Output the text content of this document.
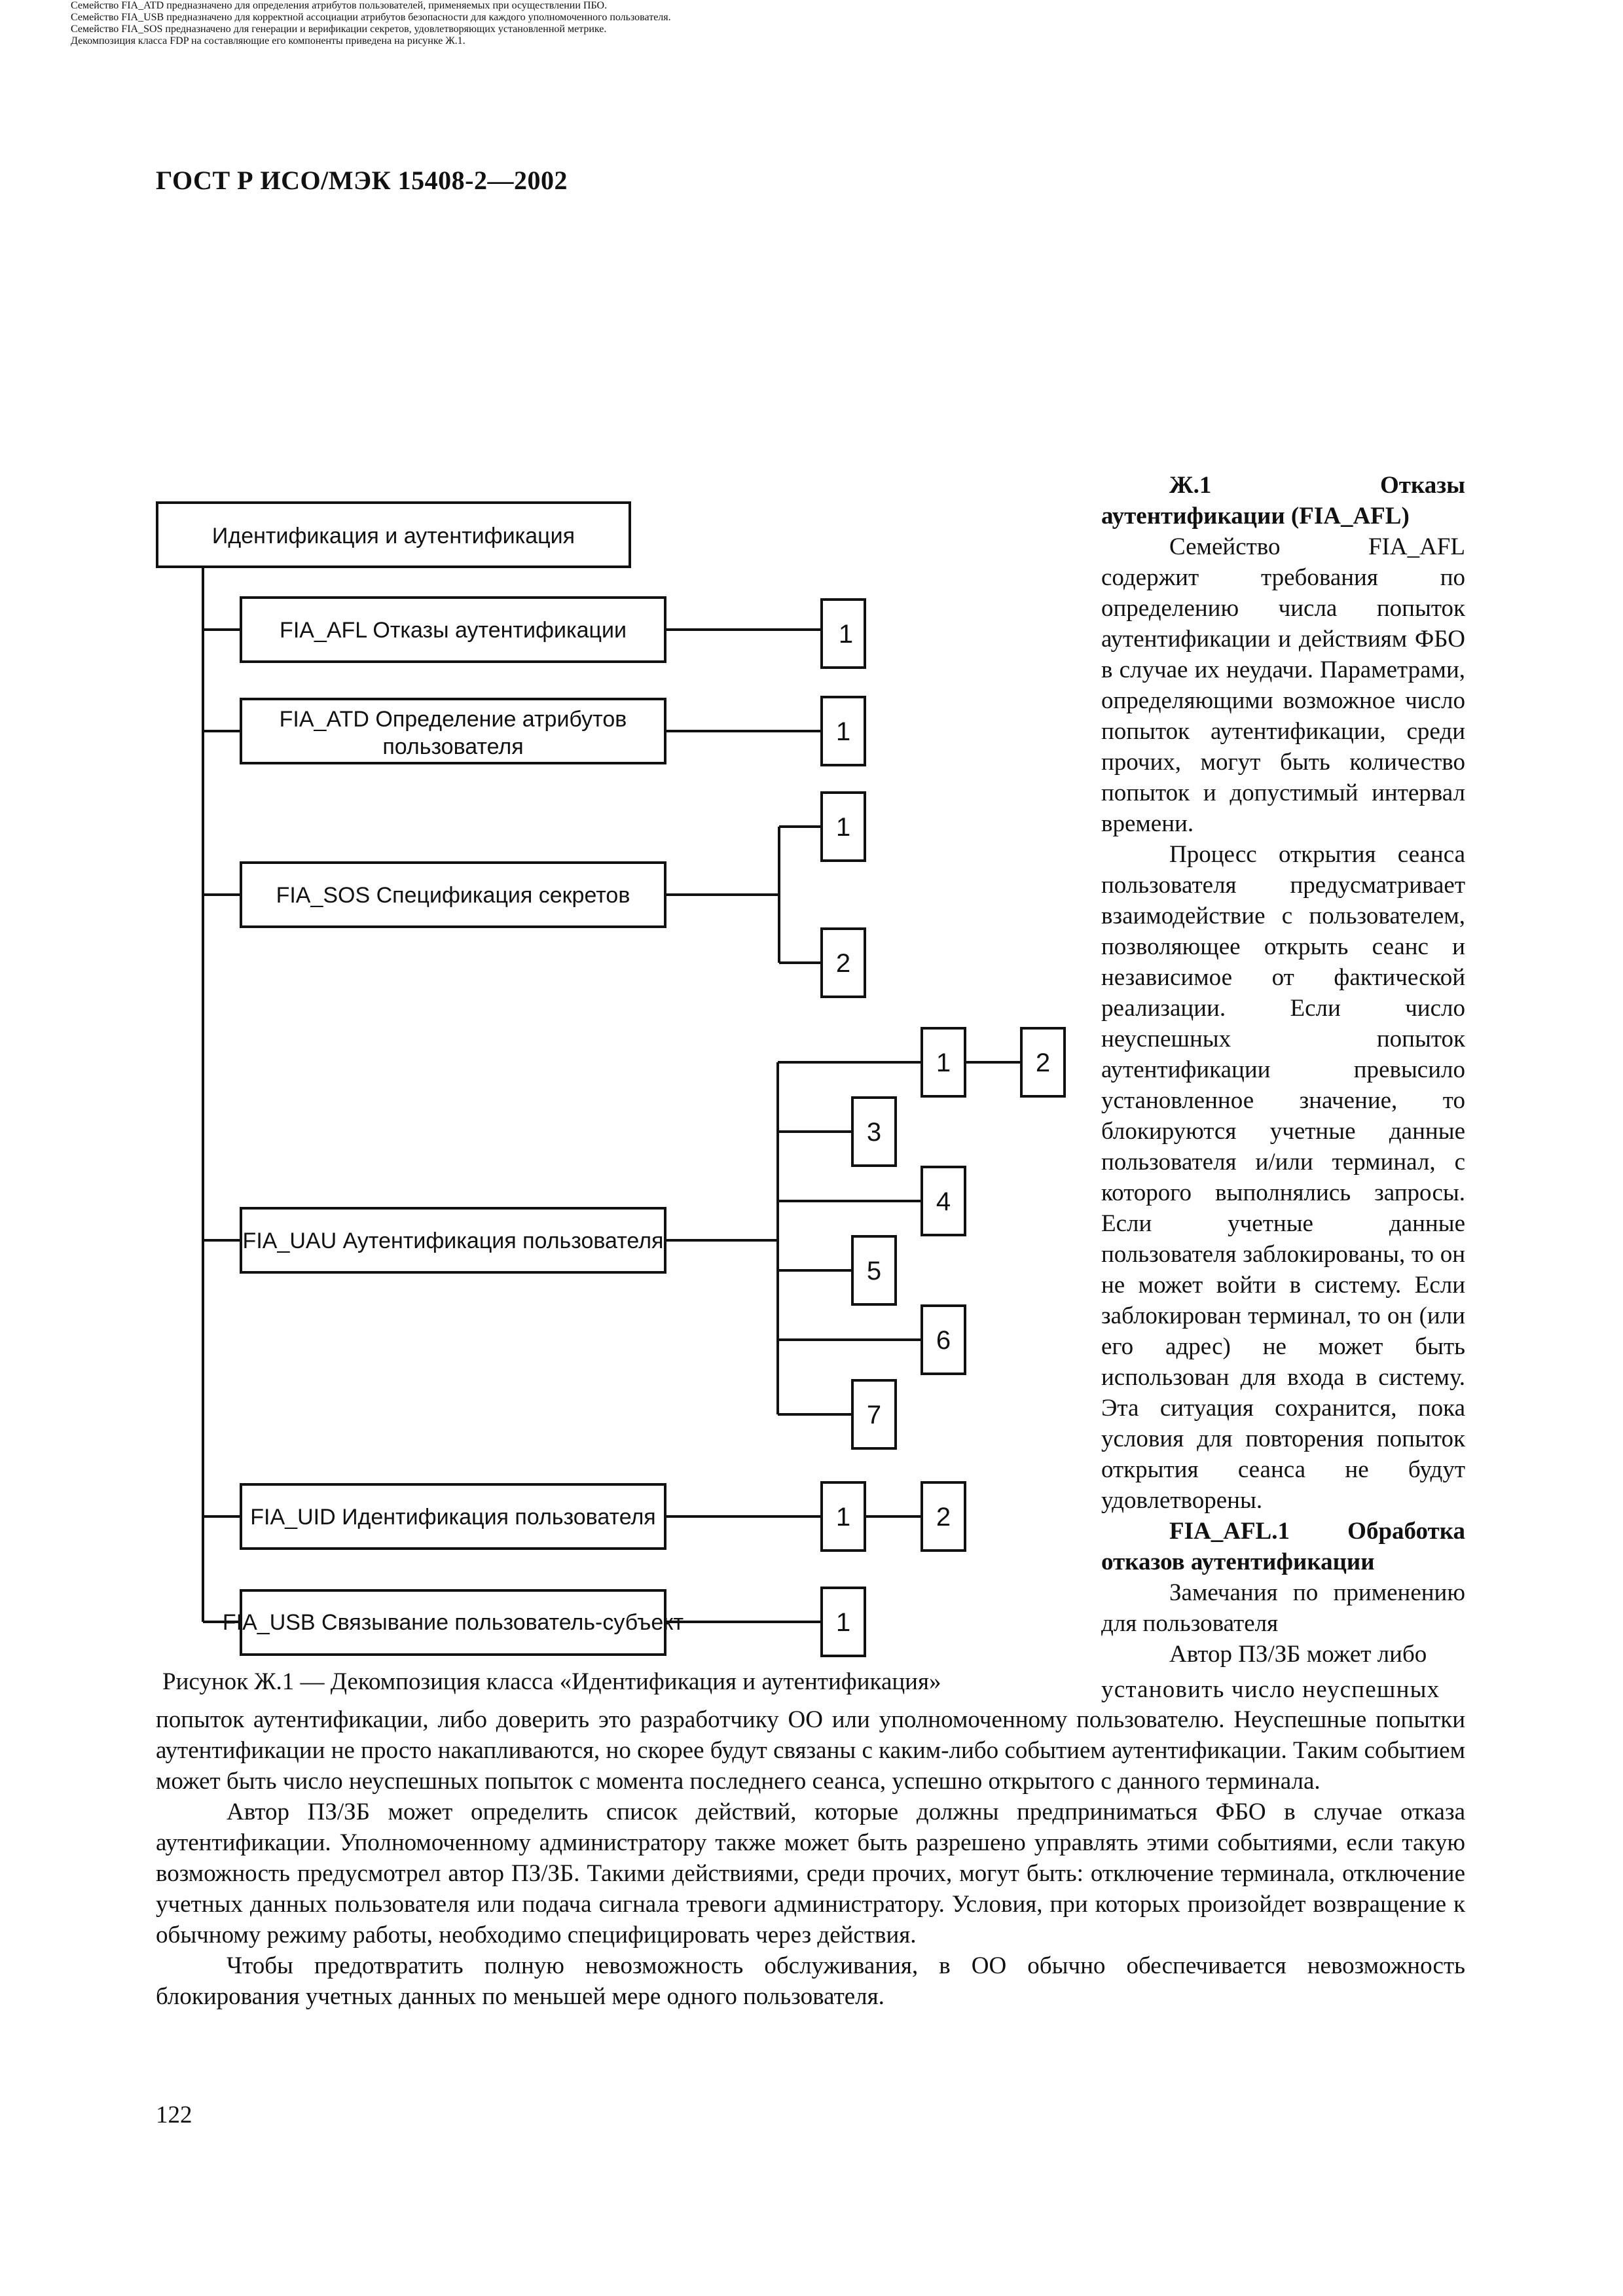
ГОСТ Р ИСО/МЭК 15408-2—2002

Семейство FIA_ATD предназначено для определения атрибутов пользователей, применяемых при осуществлении ПБО.

Семейство FIA_USB предназначено для корректной ассоциации атрибутов безопасности для каждого уполномоченного пользователя.

Семейство FIA_SOS предназначено для генерации и верификации секретов, удовлетворяющих установленной метрике.

Декомпозиция класса FDP на составляющие его компоненты приведена на рисунке Ж.1.

Идентификация и аутентификация
FIA_AFL Отказы аутентификации
FIA_ATD Определение атрибутов
пользователя
FIA_SOS Спецификация секретов
FIA_UAU Аутентификация пользователя
FIA_UID Идентификация пользователя
FIA_USB Связывание пользователь-субъект
1
1
1
2
1	2
3
4
5
6
7
1	2
1

Ж.1 Отказы аутентификации (FIA_AFL)

Семейство FIA_AFL содержит требования по определению числа попыток аутентификации и действиям ФБО в случае их неудачи. Параметрами, определяющими возможное число попыток аутентификации, среди прочих, могут быть количество попыток и допустимый интервал времени.

Процесс открытия сеанса пользователя предусматривает взаимодействие с пользователем, позволяющее открыть сеанс и независимое от фактической реализации. Если число неуспешных попыток аутентификации превысило установленное значение, то блокируются учетные данные пользователя и/или терминал, с которого выполнялись запросы. Если учетные данные пользователя заблокированы, то он не может войти в систему. Если заблокирован терминал, то он (или его адрес) не может быть использован для входа в систему. Эта ситуация сохранится, пока условия для повторения попыток открытия сеанса не будут удовлетворены.

FIA_AFL.1 Обработка отказов аутентификации

Замечания по применению для пользователя

Автор ПЗ/ЗБ может либо

Рисунок Ж.1 — Декомпозиция класса «Идентификация и аутентификация»	установить число неуспешных

попыток аутентификации, либо доверить это разработчику ОО или уполномоченному пользователю. Неуспешные попытки аутентификации не просто накапливаются, но скорее будут связаны с каким-либо событием аутентификации. Таким событием может быть число неуспешных попыток с момента последнего сеанса, успешно открытого с данного терминала.

Автор ПЗ/ЗБ может определить список действий, которые должны предприниматься ФБО в случае отказа аутентификации. Уполномоченному администратору также может быть разрешено управлять этими событиями, если такую возможность предусмотрел автор ПЗ/ЗБ. Такими действиями, среди прочих, могут быть: отключение терминала, отключение учетных данных пользователя или подача сигнала тревоги администратору. Условия, при которых произойдет возвращение к обычному режиму работы, необходимо специфицировать через действия.

Чтобы предотвратить полную невозможность обслуживания, в ОО обычно обеспечивается невозможность блокирования учетных данных по меньшей мере одного пользователя.

122
